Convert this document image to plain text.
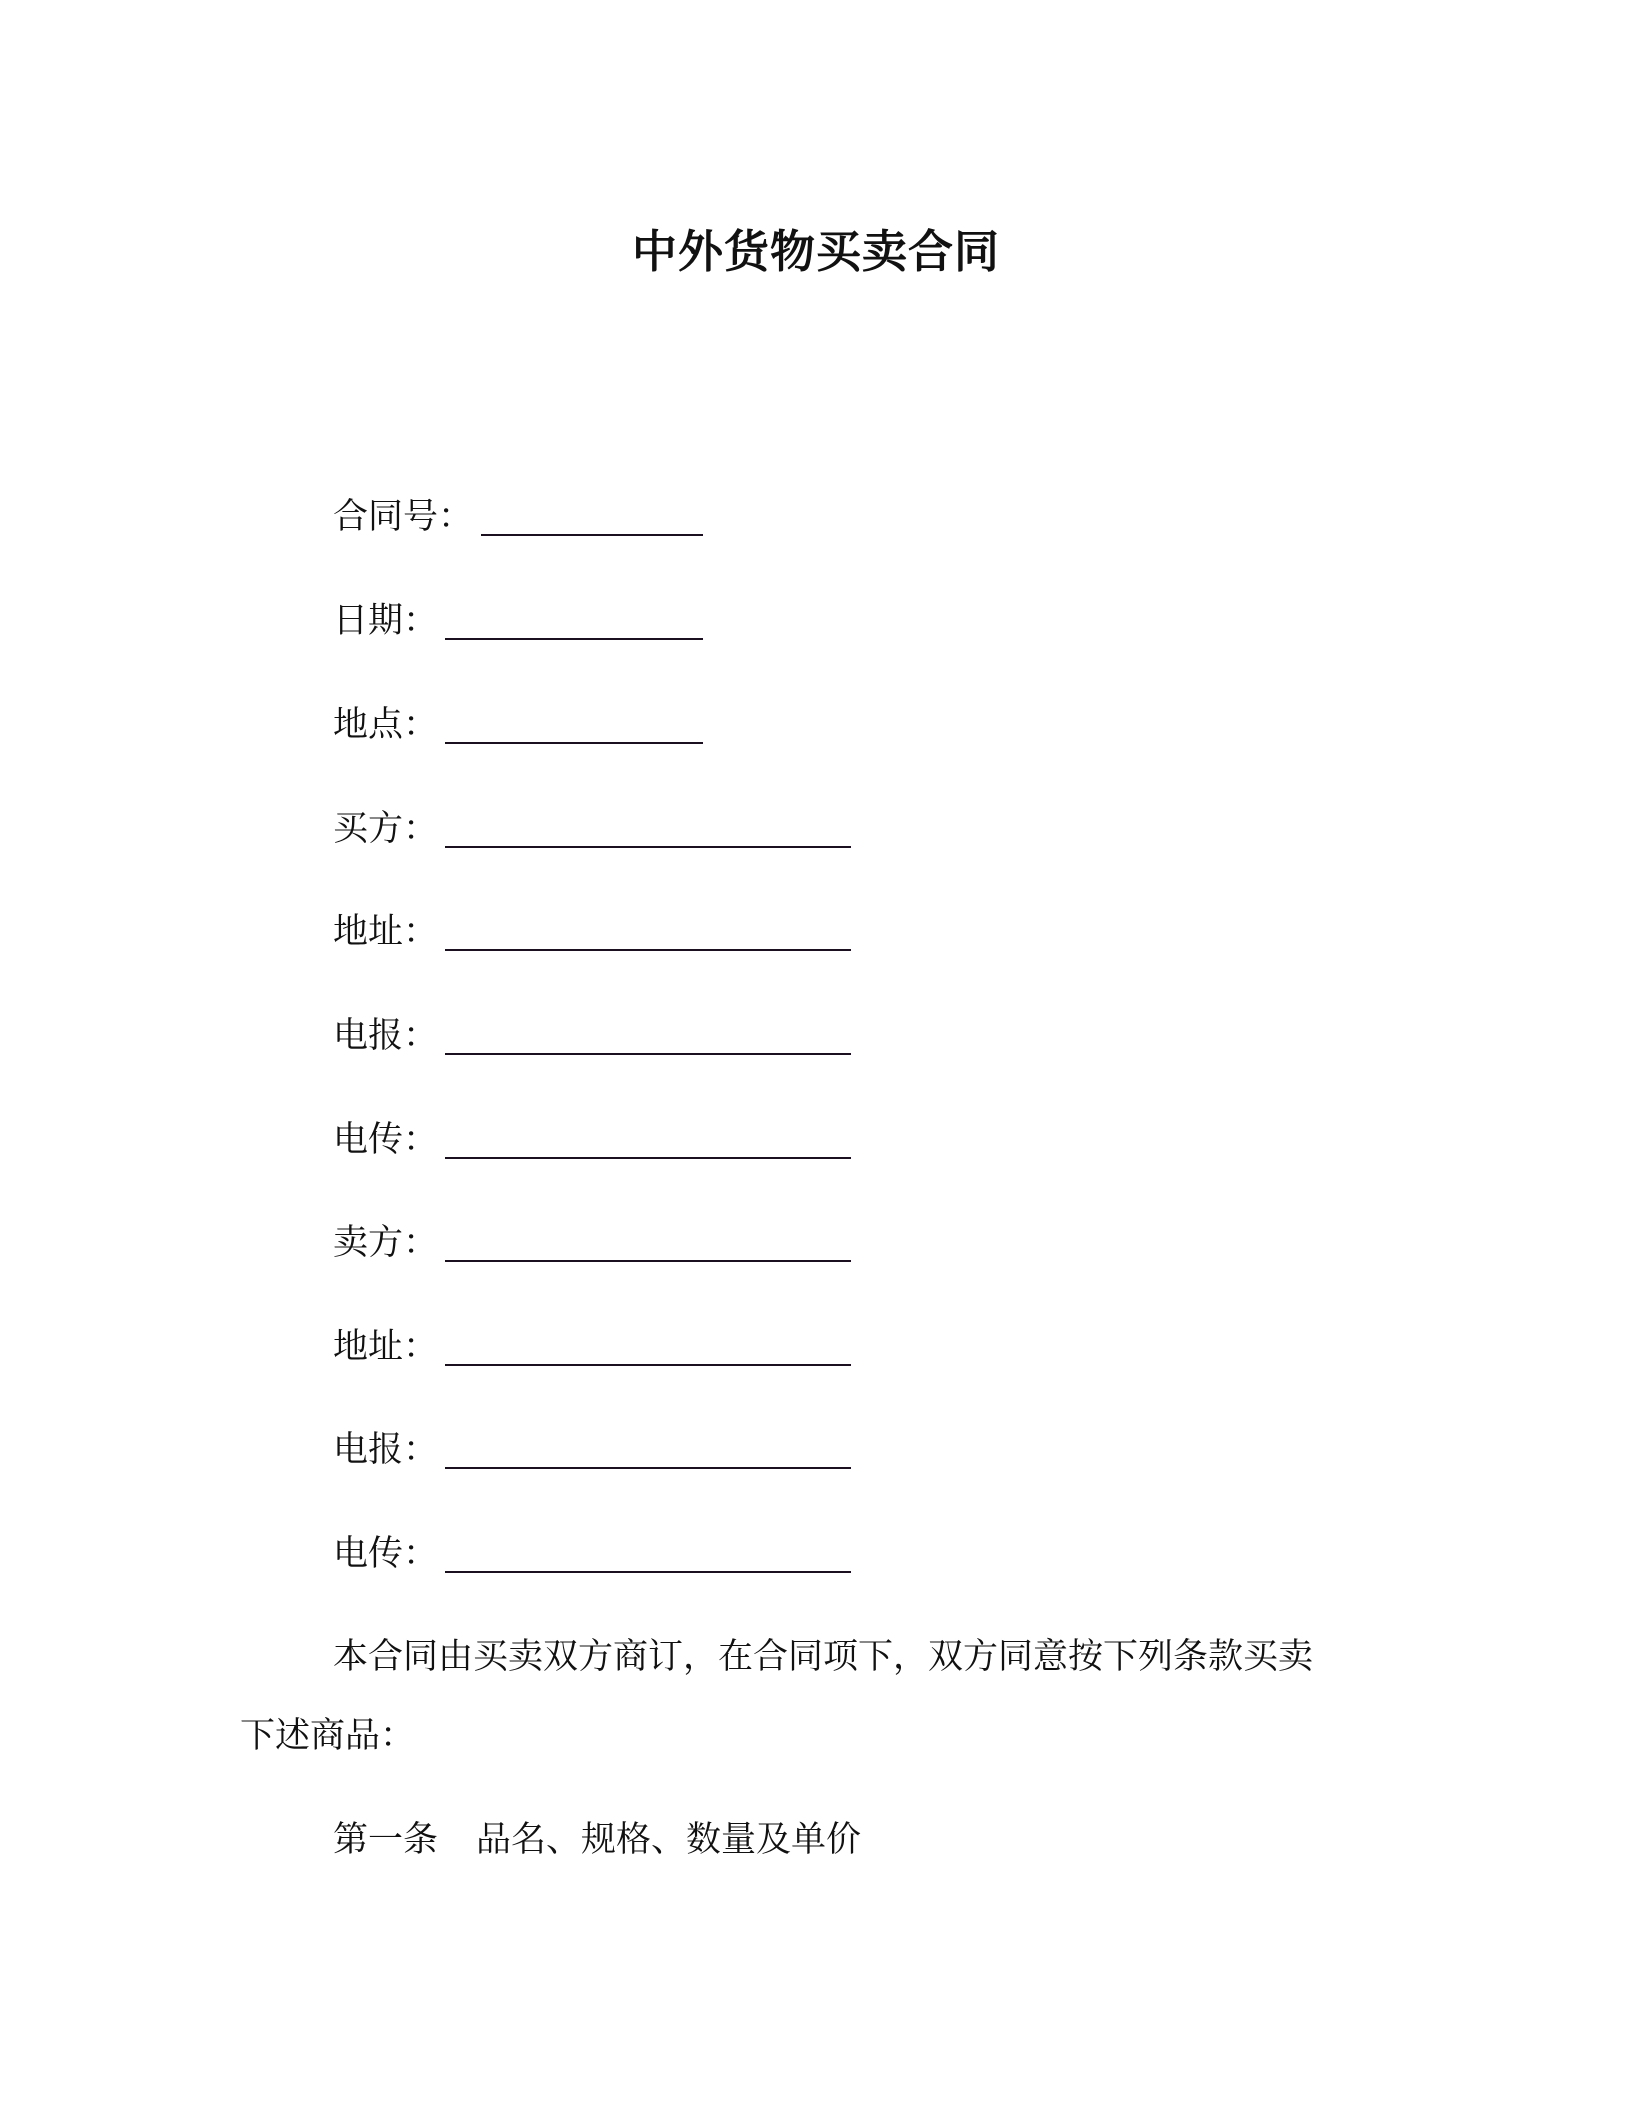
中外货物买卖合同
合同号：
日期：
地点：
买方：
地址：
电报：
电传：
卖方：
地址：
电报：
电传：
本合同由买卖双方商订，在合同项下，双方同意按下列条款买卖
下述商品：
第一条 品名、规格、数量及单价
